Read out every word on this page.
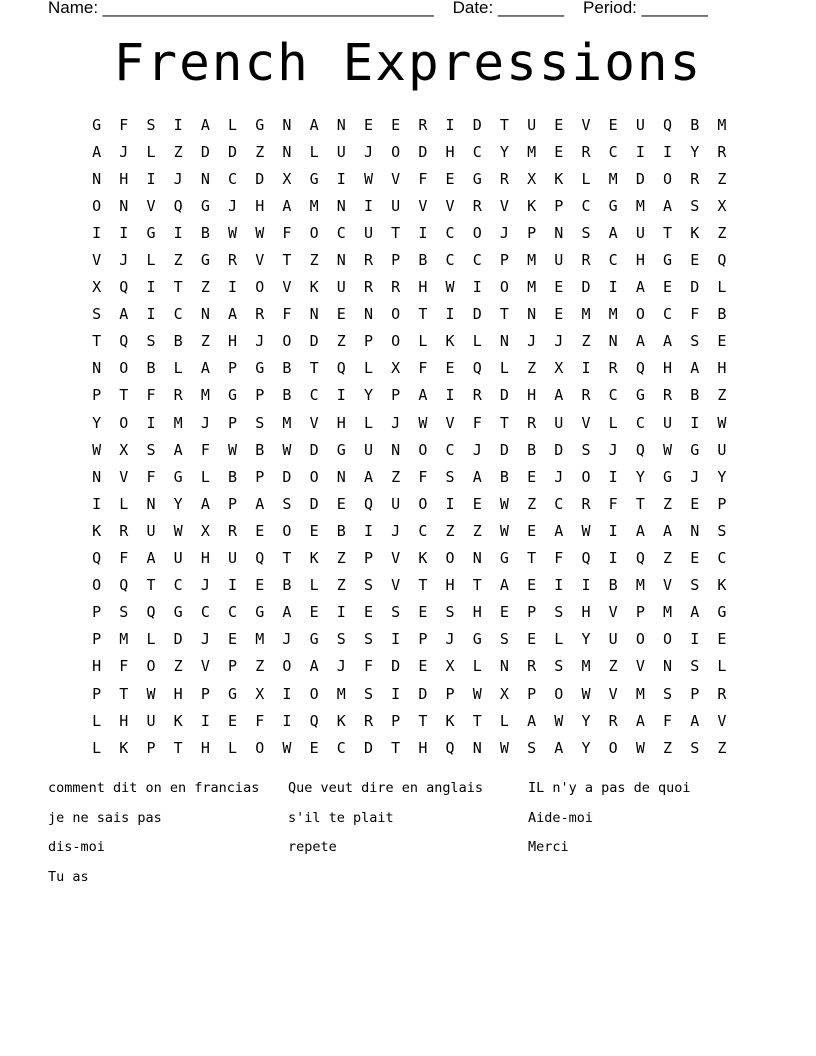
Name: ___________________________________    Date: _______    Period: _______
French Expressions
G	F	S	I	A	L	G	N	A	N	E	E	R	I	D	T	U	E	V	E	U	Q	B	M
A	J	L	Z	D	D	Z	N	L	U	J	O	D	H	C	Y	M	E	R	C	I	I	Y	R
N	H	I	J	N	C	D	X	G	I	W	V	F	E	G	R	X	K	L	M	D	O	R	Z
O	N	V	Q	G	J	H	A	M	N	I	U	V	V	R	V	K	P	C	G	M	A	S	X
I	I	G	I	B	W	W	F	O	C	U	T	I	C	O	J	P	N	S	A	U	T	K	Z
V	J	L	Z	G	R	V	T	Z	N	R	P	B	C	C	P	M	U	R	C	H	G	E	Q
X	Q	I	T	Z	I	O	V	K	U	R	R	H	W	I	O	M	E	D	I	A	E	D	L
S	A	I	C	N	A	R	F	N	E	N	O	T	I	D	T	N	E	M	M	O	C	F	B
T	Q	S	B	Z	H	J	O	D	Z	P	O	L	K	L	N	J	J	Z	N	A	A	S	E
N	O	B	L	A	P	G	B	T	Q	L	X	F	E	Q	L	Z	X	I	R	Q	H	A	H
P	T	F	R	M	G	P	B	C	I	Y	P	A	I	R	D	H	A	R	C	G	R	B	Z
Y	O	I	M	J	P	S	M	V	H	L	J	W	V	F	T	R	U	V	L	C	U	I	W
W	X	S	A	F	W	B	W	D	G	U	N	O	C	J	D	B	D	S	J	Q	W	G	U
N	V	F	G	L	B	P	D	O	N	A	Z	F	S	A	B	E	J	O	I	Y	G	J	Y
I	L	N	Y	A	P	A	S	D	E	Q	U	O	I	E	W	Z	C	R	F	T	Z	E	P
K	R	U	W	X	R	E	O	E	B	I	J	C	Z	Z	W	E	A	W	I	A	A	N	S
Q	F	A	U	H	U	Q	T	K	Z	P	V	K	O	N	G	T	F	Q	I	Q	Z	E	C
O	Q	T	C	J	I	E	B	L	Z	S	V	T	H	T	A	E	I	I	B	M	V	S	K
P	S	Q	G	C	C	G	A	E	I	E	S	E	S	H	E	P	S	H	V	P	M	A	G
P	M	L	D	J	E	M	J	G	S	S	I	P	J	G	S	E	L	Y	U	O	O	I	E
H	F	O	Z	V	P	Z	O	A	J	F	D	E	X	L	N	R	S	M	Z	V	N	S	L
P	T	W	H	P	G	X	I	O	M	S	I	D	P	W	X	P	O	W	V	M	S	P	R
L	H	U	K	I	E	F	I	Q	K	R	P	T	K	T	L	A	W	Y	R	A	F	A	V
L	K	P	T	H	L	O	W	E	C	D	T	H	Q	N	W	S	A	Y	O	W	Z	S	Z
comment dit on en francias	Que veut dire en anglais	IL n'y a pas de quoi
je ne sais pas	s'il te plait	Aide-moi
dis-moi	repete	Merci
Tu as
